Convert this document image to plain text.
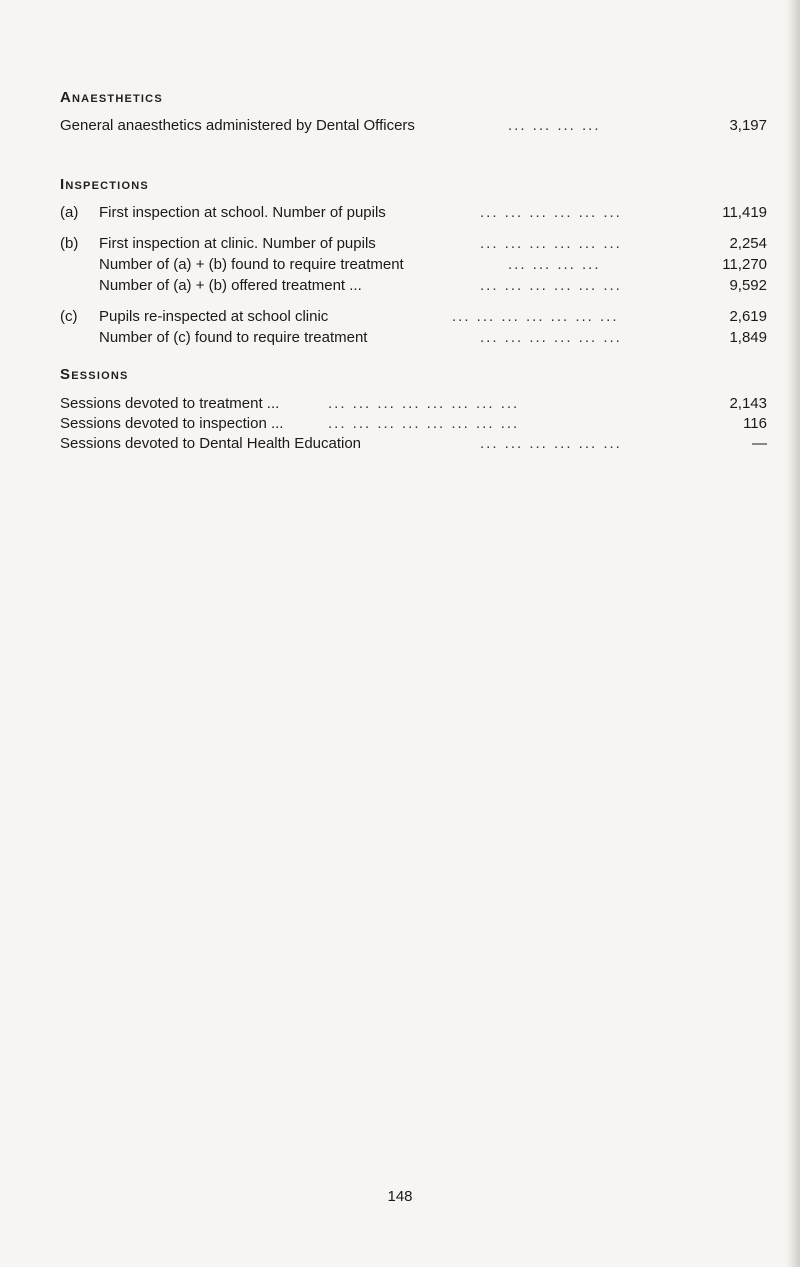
Anaesthetics
General anaesthetics administered by Dental Officers	... ... ... ...	3,197
Inspections
(a) First inspection at school. Number of pupils	... ... ... ... ... ...	11,419
(b) First inspection at clinic. Number of pupils	... ... ... ... ... ...	2,254
Number of (a) + (b) found to require treatment	... ... ... ...	11,270
Number of (a) + (b) offered treatment ...	... ... ... ... ... ...	9,592
(c) Pupils re-inspected at school clinic	... ... ... ... ... ... ...	2,619
Number of (c) found to require treatment	... ... ... ... ... ...	1,849
Sessions
Sessions devoted to treatment ...	... ... ... ... ... ... ... ...	2,143
Sessions devoted to inspection ...	... ... ... ... ... ... ... ...	116
Sessions devoted to Dental Health Education	... ... ... ... ... ...	—
148
